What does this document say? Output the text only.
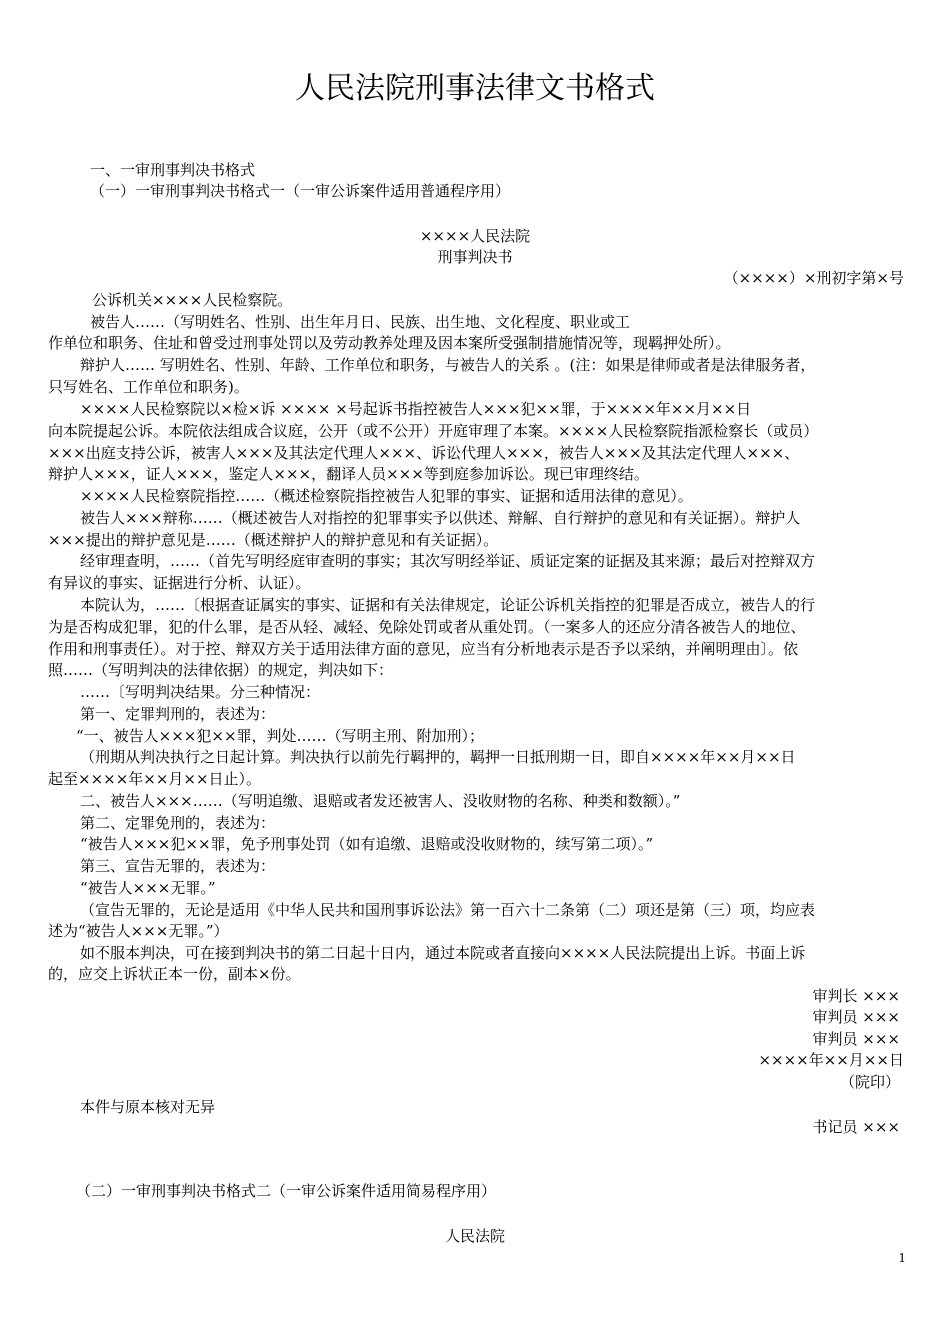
人民法院刑事法律文书格式
一、一审刑事判决书格式
（一）一审刑事判决书格式一（一审公诉案件适用普通程序用）
××××人民法院
刑事判决书
（××××）×刑初字第×号
公诉机关××××人民检察院。
被告人……（写明姓名、性别、出生年月日、民族、出生地、文化程度、职业或工
作单位和职务、住址和曾受过刑事处罚以及劳动教养处理及因本案所受强制措施情况等，现羁押处所）。
辩护人…… 写明姓名、性别、年龄、工作单位和职务，与被告人的关系 。(注：如果是律师或者是法律服务者，
只写姓名、工作单位和职务)。
××××人民检察院以×检×诉 ×××× ×号起诉书指控被告人×××犯××罪，于××××年××月××日
向本院提起公诉。本院依法组成合议庭，公开（或不公开）开庭审理了本案。××××人民检察院指派检察长（或员）
×××出庭支持公诉，被害人×××及其法定代理人×××、诉讼代理人×××，被告人×××及其法定代理人×××、
辩护人×××，证人×××，鉴定人×××，翻译人员×××等到庭参加诉讼。现已审理终结。
××××人民检察院指控……（概述检察院指控被告人犯罪的事实、证据和适用法律的意见）。
被告人×××辩称……（概述被告人对指控的犯罪事实予以供述、辩解、自行辩护的意见和有关证据）。辩护人
×××提出的辩护意见是……（概述辩护人的辩护意见和有关证据）。
经审理查明，……（首先写明经庭审查明的事实；其次写明经举证、质证定案的证据及其来源；最后对控辩双方
有异议的事实、证据进行分析、认证）。
本院认为，……〔根据查证属实的事实、证据和有关法律规定，论证公诉机关指控的犯罪是否成立，被告人的行
为是否构成犯罪，犯的什么罪，是否从轻、减轻、免除处罚或者从重处罚。（一案多人的还应分清各被告人的地位、
作用和刑事责任）。对于控、辩双方关于适用法律方面的意见，应当有分析地表示是否予以采纳，并阐明理由〕。依
照……（写明判决的法律依据）的规定，判决如下：
……〔写明判决结果。分三种情况：
第一、定罪判刑的，表述为：
“一、被告人×××犯××罪，判处……（写明主刑、附加刑）；
（刑期从判决执行之日起计算。判决执行以前先行羁押的，羁押一日抵刑期一日，即自××××年××月××日
起至××××年××月××日止）。
二、被告人×××……（写明追缴、退赔或者发还被害人、没收财物的名称、种类和数额）。”
第二、定罪免刑的，表述为：
“被告人×××犯××罪，免予刑事处罚（如有追缴、退赔或没收财物的，续写第二项）。”
第三、宣告无罪的，表述为：
“被告人×××无罪。”
（宣告无罪的，无论是适用《中华人民共和国刑事诉讼法》第一百六十二条第（二）项还是第（三）项，均应表
述为“被告人×××无罪。”）
如不服本判决，可在接到判决书的第二日起十日内，通过本院或者直接向××××人民法院提出上诉。书面上诉
的，应交上诉状正本一份，副本×份。
审判长 ×××
审判员 ×××
审判员 ×××
××××年××月××日
（院印）
本件与原本核对无异
书记员 ×××
（二）一审刑事判决书格式二（一审公诉案件适用简易程序用）
人民法院
1
